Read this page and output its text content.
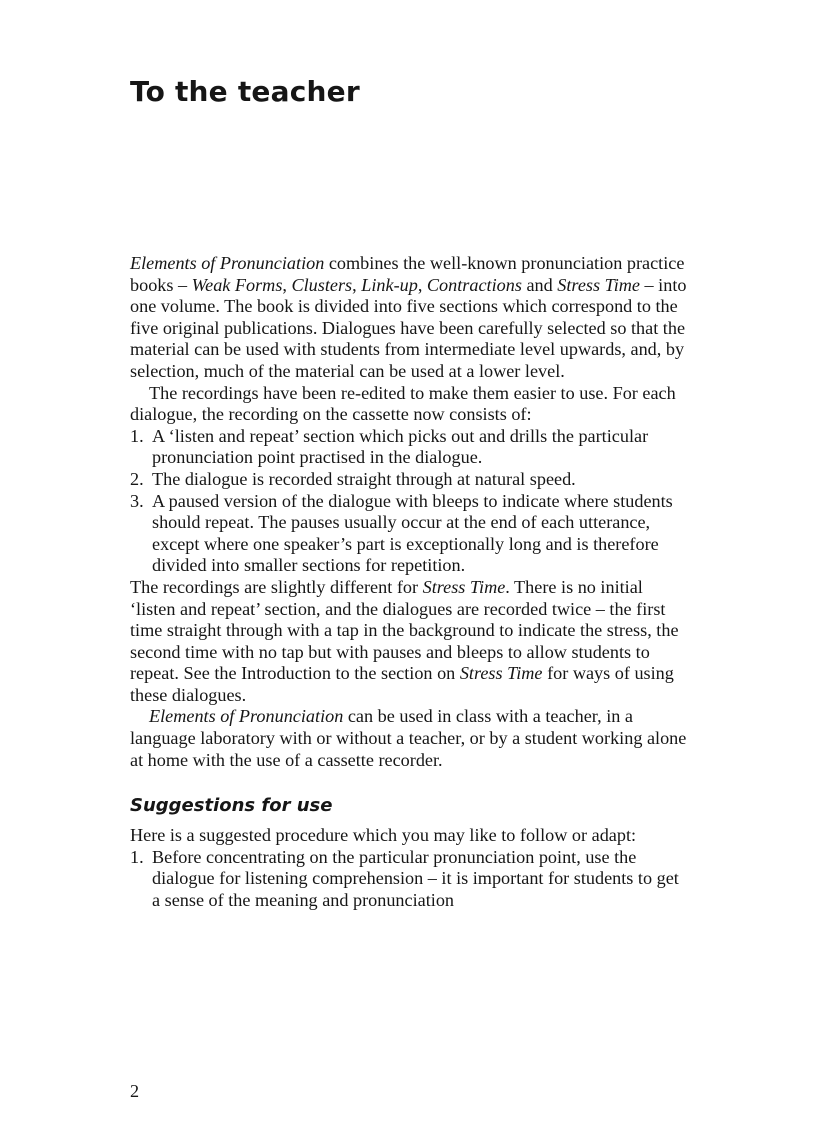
To the teacher

Elements of Pronunciation combines the well-known pronunciation practice books – Weak Forms, Clusters, Link-up, Contractions and Stress Time – into one volume. The book is divided into five sections which correspond to the five original publications. Dialogues have been carefully selected so that the material can be used with students from intermediate level upwards, and, by selection, much of the material can be used at a lower level.

The recordings have been re-edited to make them easier to use. For each dialogue, the recording on the cassette now consists of:

1. A ‘listen and repeat’ section which picks out and drills the particular pronunciation point practised in the dialogue.
2. The dialogue is recorded straight through at natural speed.
3. A paused version of the dialogue with bleeps to indicate where students should repeat. The pauses usually occur at the end of each utterance, except where one speaker’s part is exceptionally long and is therefore divided into smaller sections for repetition.

The recordings are slightly different for Stress Time. There is no initial ‘listen and repeat’ section, and the dialogues are recorded twice – the first time straight through with a tap in the background to indicate the stress, the second time with no tap but with pauses and bleeps to allow students to repeat. See the Introduction to the section on Stress Time for ways of using these dialogues.

Elements of Pronunciation can be used in class with a teacher, in a language laboratory with or without a teacher, or by a student working alone at home with the use of a cassette recorder.

Suggestions for use

Here is a suggested procedure which you may like to follow or adapt:

1. Before concentrating on the particular pronunciation point, use the dialogue for listening comprehension – it is important for students to get a sense of the meaning and pronunciation
2
